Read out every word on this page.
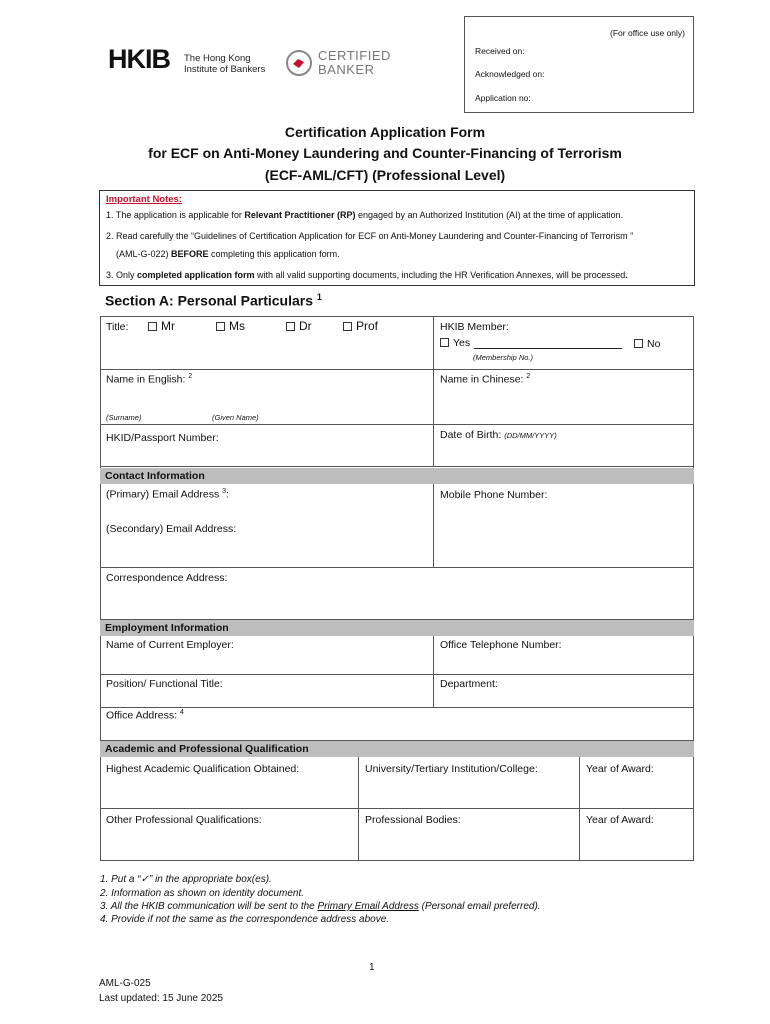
HKIB The Hong Kong
Institute of Bankers
CERTIFIED
BANKER
(For office use only)
Received on:
Acknowledged on:
Application no:
Certification Application Form
for ECF on Anti-Money Laundering and Counter-Financing of Terrorism
(ECF-AML/CFT) (Professional Level)
Important Notes:
1. The application is applicable for Relevant Practitioner (RP) engaged by an Authorized Institution (AI) at the time of application.
2. Read carefully the “Guidelines of Certification Application for ECF on Anti-Money Laundering and Counter-Financing of Terrorism ”
(AML-G-022) BEFORE completing this application form.
3. Only completed application form with all valid supporting documents, including the HR Verification Annexes, will be processed.
Section A: Personal Particulars $^1$
Title:	Mr	Ms	Dr	Prof	HKIB Member:
Yes	No
(Membership No.)
Name in English: $^2$	Name in Chinese: $^2$
(Surname)	(Given Name)
HKID/Passport Number:	Date of Birth: (DD/MM/YYYY)
Contact Information
(Primary) Email Address $^3$:	Mobile Phone Number:
(Secondary) Email Address:
Correspondence Address:
Employment Information
Name of Current Employer:	Office Telephone Number:
Position/ Functional Title:	Department:
Office Address: $^4$
Academic and Professional Qualification
Highest Academic Qualification Obtained:	University/Tertiary Institution/College:	Year of Award:
Other Professional Qualifications:	Professional Bodies:	Year of Award:
1. Put a “✓” in the appropriate box(es).
2. Information as shown on identity document.
3. All the HKIB communication will be sent to the Primary Email Address (Personal email preferred).
4. Provide if not the same as the correspondence address above.
1
AML-G-025
Last updated: 15 June 2025
